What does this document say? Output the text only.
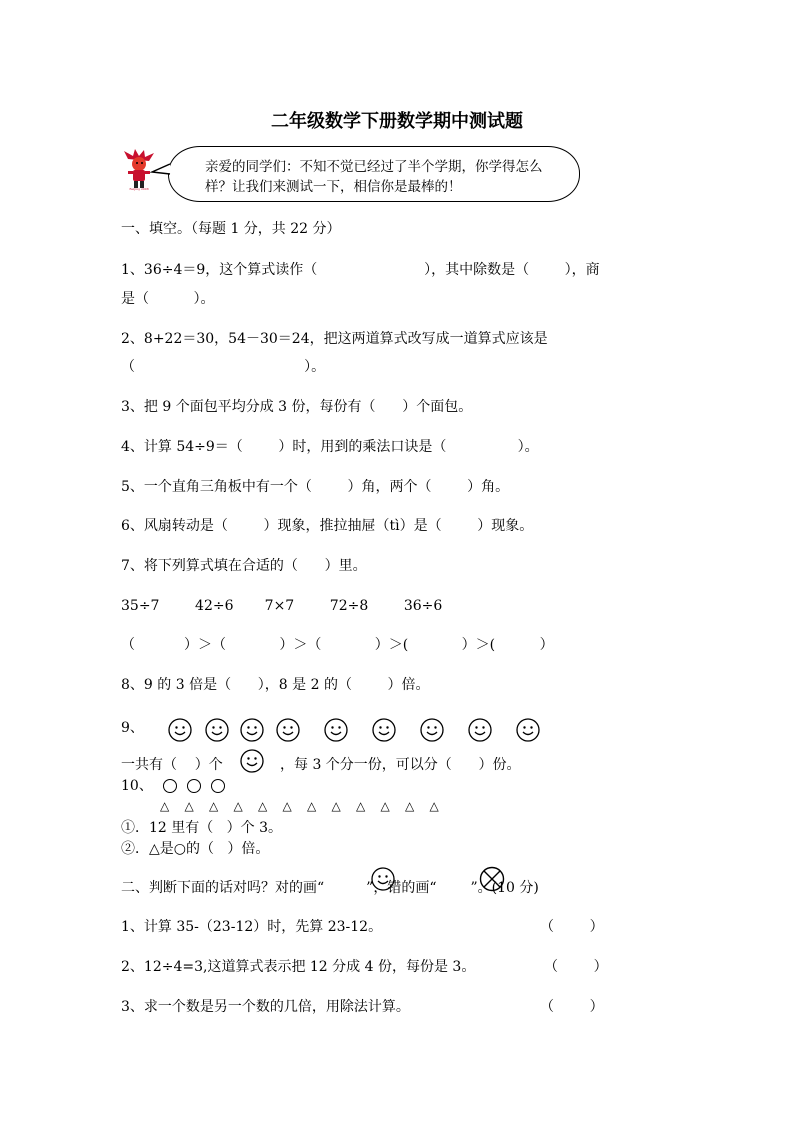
二年级数学下册数学期中测试题
Beijing 2008
亲爱的同学们：不知不觉已经过了半个学期，你学得怎么
样？让我们来测试一下，相信你是最棒的！
一、填空。（每题 1 分，共 22 分）
1、36÷4＝9，这个算式读作（                        ），其中除数是（        ），商
是（          ）。
2、8+22＝30，54－30＝24，把这两道算式改写成一道算式应该是
（                                      ）。
3、把 9 个面包平均分成 3 份，每份有（      ）个面包。
4、计算 54÷9＝（        ）时，用到的乘法口诀是（                ）。
5、一个直角三角板中有一个（        ）角，两个（        ）角。
6、风扇转动是（        ）现象，推拉抽屉（tì）是（        ）现象。
7、将下列算式填在合适的（      ）里。
35÷7        42÷6       7×7        72÷8        36÷6
（           ）＞（            ）＞（            ）＞(            ）＞(          ）
8、9 的 3 倍是（      ），8 是 2 的（        ）倍。
9、
一共有（    ）个	，每 3 个分一份，可以分（      ）份。
10、
△ △ △ △ △ △ △ △ △ △ △ △
①．12 里有（   ）个 3。
②．△是○的（   ）倍。
二、判断下面的话对吗？对的画“	”，错的画“ ”。(10 分)
1、计算 35-（23-12）时，先算 23-12。	（        ）
2、12÷4=3,这道算式表示把 12 分成 4 份，每份是 3。	（        ）
3、求一个数是另一个数的几倍，用除法计算。	（        ）
